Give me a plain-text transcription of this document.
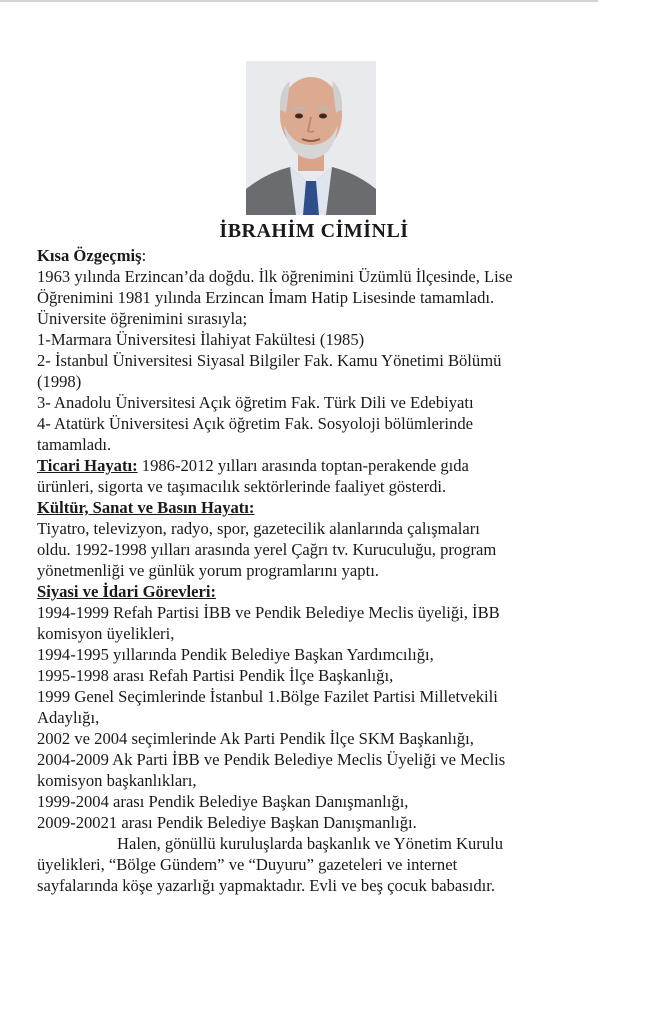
İBRAHİM CİMİNLİ
Kısa Özgeçmiş:
1963 yılında Erzincan’da doğdu. İlk öğrenimini Üzümlü İlçesinde, Lise
Öğrenimini 1981 yılında Erzincan İmam Hatip Lisesinde tamamladı.
Üniversite öğrenimini sırasıyla;
1-Marmara Üniversitesi İlahiyat Fakültesi (1985)
2- İstanbul Üniversitesi Siyasal Bilgiler Fak. Kamu Yönetimi Bölümü
(1998)
3- Anadolu Üniversitesi Açık öğretim Fak. Türk Dili ve Edebiyatı
4- Atatürk Üniversitesi Açık öğretim Fak. Sosyoloji bölümlerinde
tamamladı.
Ticari Hayatı: 1986-2012 yılları arasında toptan-perakende gıda
ürünleri, sigorta ve taşımacılık sektörlerinde faaliyet gösterdi.
Kültür, Sanat ve Basın Hayatı:
Tiyatro, televizyon, radyo, spor, gazetecilik alanlarında çalışmaları
oldu. 1992-1998 yılları arasında yerel Çağrı tv. Kuruculuğu, program
yönetmenliği ve günlük yorum programlarını yaptı.
Siyasi ve İdari Görevleri:
1994-1999 Refah Partisi İBB ve Pendik Belediye Meclis üyeliği, İBB
komisyon üyelikleri,
1994-1995 yıllarında Pendik Belediye Başkan Yardımcılığı,
1995-1998 arası Refah Partisi Pendik İlçe Başkanlığı,
1999 Genel Seçimlerinde İstanbul 1.Bölge Fazilet Partisi Milletvekili
Adaylığı,
2002 ve 2004 seçimlerinde Ak Parti Pendik İlçe SKM Başkanlığı,
2004-2009 Ak Parti İBB ve Pendik Belediye Meclis Üyeliği ve Meclis
komisyon başkanlıkları,
1999-2004 arası Pendik Belediye Başkan Danışmanlığı,
2009-20021 arası Pendik Belediye Başkan Danışmanlığı.
Halen, gönüllü kuruluşlarda başkanlık ve Yönetim Kurulu
üyelikleri, “Bölge Gündem” ve “Duyuru” gazeteleri ve internet
sayfalarında köşe yazarlığı yapmaktadır. Evli ve beş çocuk babasıdır.
